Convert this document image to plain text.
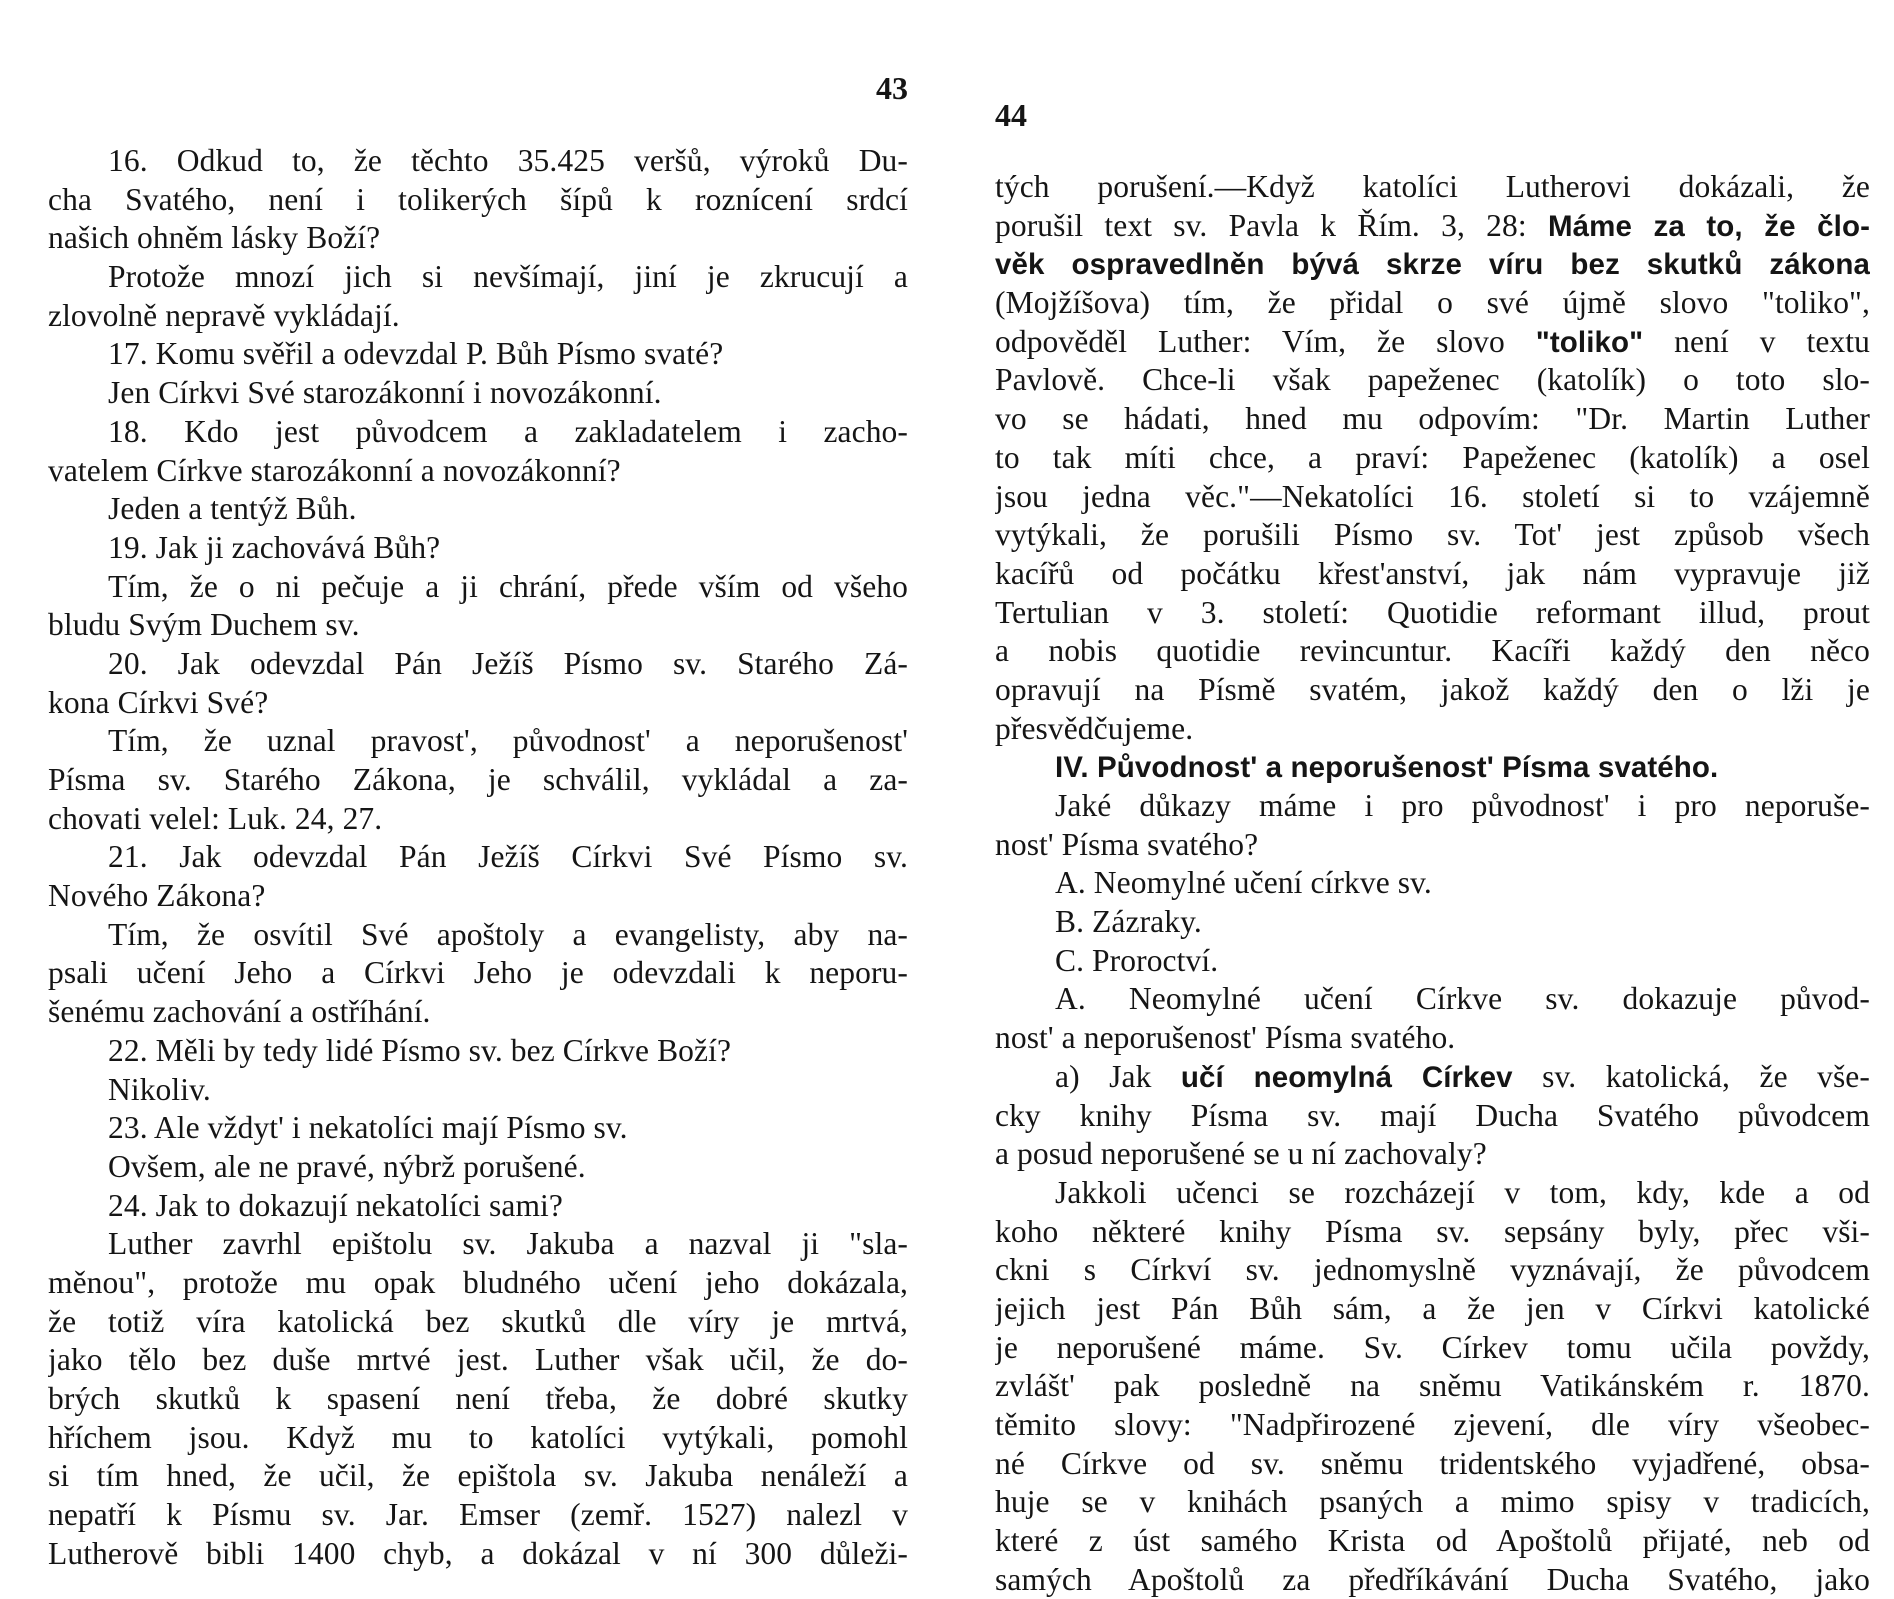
43
16. Odkud to, že těchto 35.425 veršů, výroků Du-
cha Svatého, není i tolikerých šípů k roznícení srdcí
našich ohněm lásky Boží?
Protože mnozí jich si nevšímají, jiní je zkrucují a
zlovolně nepravě vykládají.
17. Komu svěřil a odevzdal P. Bůh Písmo svaté?
Jen Církvi Své starozákonní i novozákonní.
18. Kdo jest původcem a zakladatelem i zacho-
vatelem Církve starozákonní a novozákonní?
Jeden a tentýž Bůh.
19. Jak ji zachovává Bůh?
Tím, že o ni pečuje a ji chrání, přede vším od všeho
bludu Svým Duchem sv.
20. Jak odevzdal Pán Ježíš Písmo sv. Starého Zá-
kona Církvi Své?
Tím, že uznal pravost', původnost' a neporušenost'
Písma sv. Starého Zákona, je schválil, vykládal a za-
chovati velel: Luk. 24, 27.
21. Jak odevzdal Pán Ježíš Církvi Své Písmo sv.
Nového Zákona?
Tím, že osvítil Své apoštoly a evangelisty, aby na-
psali učení Jeho a Církvi Jeho je odevzdali k neporu-
šenému zachování a ostříhání.
22. Měli by tedy lidé Písmo sv. bez Církve Boží?
Nikoliv.
23. Ale vždyt' i nekatolíci mají Písmo sv.
Ovšem, ale ne pravé, nýbrž porušené.
24. Jak to dokazují nekatolíci sami?
Luther zavrhl epištolu sv. Jakuba a nazval ji "sla-
měnou", protože mu opak bludného učení jeho dokázala,
že totiž víra katolická bez skutků dle víry je mrtvá,
jako tělo bez duše mrtvé jest. Luther však učil, že do-
brých skutků k spasení není třeba, že dobré skutky
hříchem jsou. Když mu to katolíci vytýkali, pomohl
si tím hned, že učil, že epištola sv. Jakuba nenáleží a
nepatří k Písmu sv. Jar. Emser (zemř. 1527) nalezl v
Lutherově bibli 1400 chyb, a dokázal v ní 300 důleži-
44
tých porušení.—Když katolíci Lutherovi dokázali, že
porušil text sv. Pavla k Řím. 3, 28: Máme za to, že člo-
věk ospravedlněn bývá skrze víru bez skutků zákona
(Mojžíšova) tím, že přidal o své újmě slovo "toliko",
odpověděl Luther: Vím, že slovo "toliko" není v textu
Pavlově. Chce-li však papeženec (katolík) o toto slo-
vo se hádati, hned mu odpovím: "Dr. Martin Luther
to tak míti chce, a praví: Papeženec (katolík) a osel
jsou jedna věc."—Nekatolíci 16. století si to vzájemně
vytýkali, že porušili Písmo sv. Tot' jest způsob všech
kacířů od počátku křest'anství, jak nám vypravuje již
Tertulian v 3. století: Quotidie reformant illud, prout
a nobis quotidie revincuntur. Kacíři každý den něco
opravují na Písmě svatém, jakož každý den o lži je
přesvědčujeme.
IV. Původnost' a neporušenost' Písma svatého.
Jaké důkazy máme i pro původnost' i pro neporuše-
nost' Písma svatého?
A. Neomylné učení církve sv.
B. Zázraky.
C. Proroctví.
A. Neomylné učení Církve sv. dokazuje původ-
nost' a neporušenost' Písma svatého.
a) Jak učí neomylná Církev sv. katolická, že vše-
cky knihy Písma sv. mají Ducha Svatého původcem
a posud neporušené se u ní zachovaly?
Jakkoli učenci se rozcházejí v tom, kdy, kde a od
koho některé knihy Písma sv. sepsány byly, přec vši-
ckni s Církví sv. jednomyslně vyznávají, že původcem
jejich jest Pán Bůh sám, a že jen v Církvi katolické
je neporušené máme. Sv. Církev tomu učila povždy,
zvlášt' pak posledně na sněmu Vatikánském r. 1870.
těmito slovy: "Nadpřirozené zjevení, dle víry všeobec-
né Církve od sv. sněmu tridentského vyjadřené, obsa-
huje se v knihách psaných a mimo spisy v tradicích,
které z úst samého Krista od Apoštolů přijaté, neb od
samých Apoštolů za předříkávání Ducha Svatého, jako
